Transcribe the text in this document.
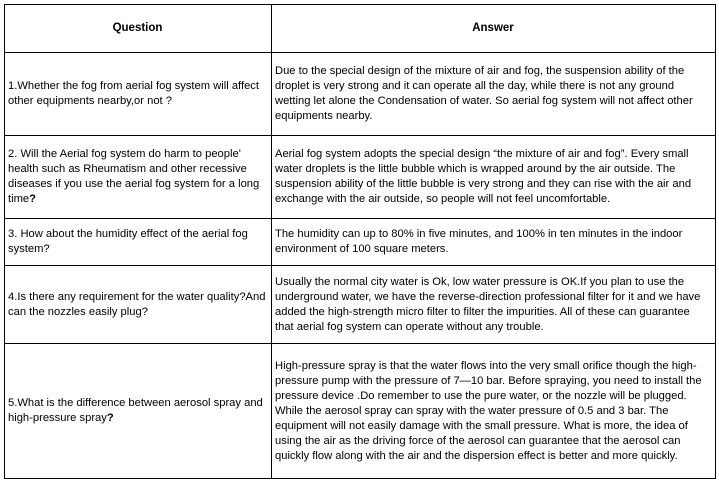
Question	Answer
1.Whether the fog from aerial fog system will affect other equipments nearby,or not ?	Due to the special design of the mixture of air and fog, the suspension ability of the droplet is very strong and it can operate all the day, while there is not any ground wetting let alone the Condensation of water. So aerial fog system will not affect other equipments nearby.
2. Will the Aerial fog system do harm to people' health such as Rheumatism and other recessive diseases if you use the aerial fog system for a long time?	Aerial fog system adopts the special design “the mixture of air and fog”. Every small water droplets is the little bubble which is wrapped around by the air outside. The suspension ability of the little bubble is very strong and they can rise with the air and exchange with the air outside, so people will not feel uncomfortable.
3. How about the humidity effect of the aerial fog system?	The humidity can up to 80% in five minutes, and 100% in ten minutes in the indoor environment of 100 square meters.
4.Is there any requirement for the water quality?And can the nozzles easily plug?	Usually the normal city water is Ok, low water pressure is OK.If you plan to use the underground water, we have the reverse-direction professional filter for it and we have added the high-strength micro filter to filter the impurities. All of these can guarantee that aerial fog system can operate without any trouble.
5.What is the difference between aerosol spray and high-pressure spray?	High-pressure spray is that the water flows into the very small orifice though the high-pressure pump with the pressure of 7—10 bar. Before spraying, you need to install the pressure device .Do remember to use the pure water, or the nozzle will be plugged. While the aerosol spray can spray with the water pressure of 0.5 and 3 bar. The equipment will not easily damage with the small pressure. What is more, the idea of using the air as the driving force of the aerosol can guarantee that the aerosol can quickly flow along with the air and the dispersion effect is better and more quickly.
